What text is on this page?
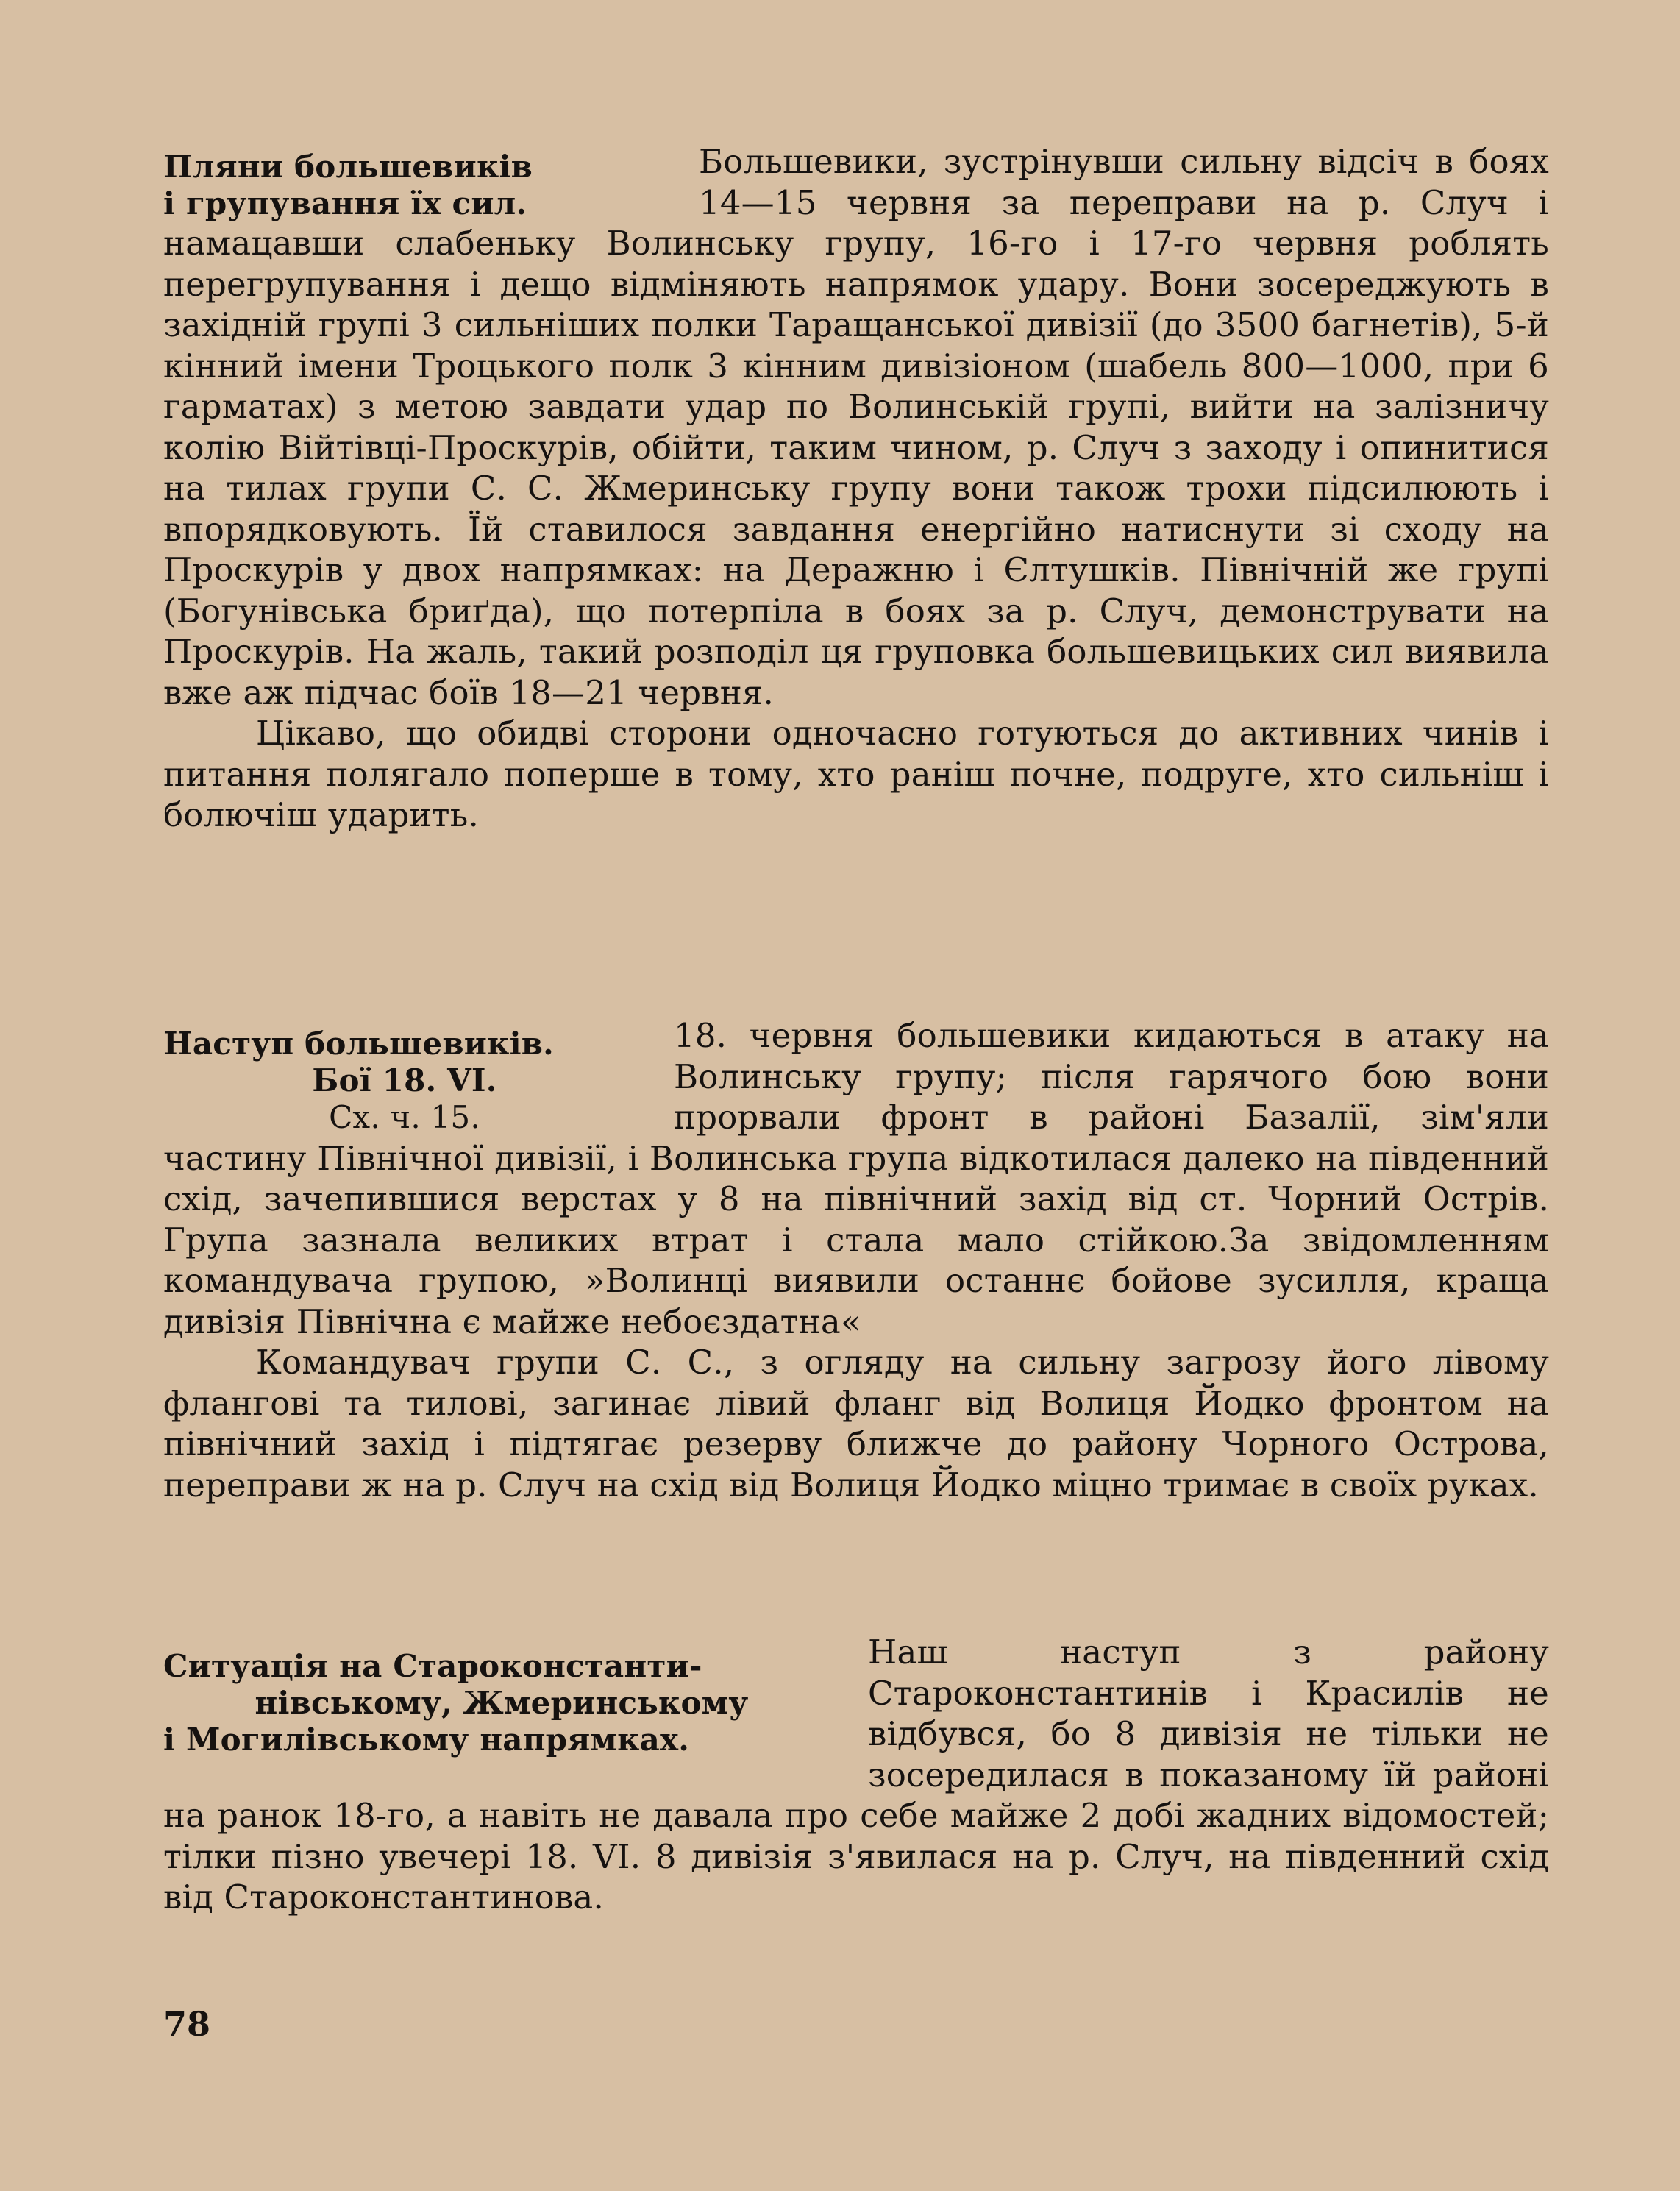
Пляни большевиків
і групування їх сил.

Большевики, зустрінувши сильну відсіч в боях 14—15 червня за переправи на р. Случ і намацавши слабеньку Волинську групу, 16-го і 17-го червня роблять перегрупування і дещо відміняють напрямок удару. Вони зосереджують в західній групі 3 сильніших полки Таращанської дивізії (до 3500 багнетів), 5-й кінний імени Троцького полк 3 кінним дивізіоном (шабель 800—1000, при 6 гарматах) з метою завдати удар по Волинській групі, вийти на залізничу колію Війтівці-Проскурів, обійти, таким чином, р. Случ з заходу і опинитися на тилах групи С. С. Жмеринську групу вони також трохи підсилюють і впорядковують. Їй ставилося завдання енергійно натиснути зі сходу на Проскурів у двох напрямках: на Деражню і Єлтушків. Північній же групі (Богунівська бриґда), що потерпіла в боях за р. Случ, демонструвати на Проскурів. На жаль, такий розподіл ця груповка большевицьких сил виявила вже аж підчас боїв 18—21 червня.

Цікаво, що обидві сторони одночасно готуються до активних чинів і питання полягало поперше в тому, хто раніш почне, подруге, хто сильніш і болючіш ударить.

Наступ большевиків.
Бої 18. VI.
Сх. ч. 15.

18. червня большевики кидаються в атаку на Волинську групу; після гарячого бою вони прорвали фронт в районі Базалії, зім'яли частину Північної дивізії, і Волинська група відкотилася далеко на південний схід, зачепившися верстах у 8 на північний захід від ст. Чорний Острів. Група зазнала великих втрат і стала мало стійкою.За звідомленням командувача групою, »Волинці виявили останнє бойове зусилля, краща дивізія Північна є майже небоєздатна«

Командувач групи С. С., з огляду на сильну загрозу його лівому флангові та тилові, загинає лівий фланг від Волиця Йодко фронтом на північний захід і підтягає резерву ближче до району Чорного Острова, переправи ж на р. Случ на схід від Волиця Йодко міцно тримає в своїх руках.

Ситуація на Староконстанти-
нівському, Жмеринському
і Могилівському напрямках.

Наш наступ з району Староконстантинів і Красилів не відбувся, бо 8 дивізія не тільки не зосередилася в показаному їй районі на ранок 18-го, а навіть не давала про себе майже 2 добі жадних відомостей; тілки пізно увечері 18. VI. 8 дивізія з'явилася на р. Случ, на південний схід від Староконстантинова.

78
